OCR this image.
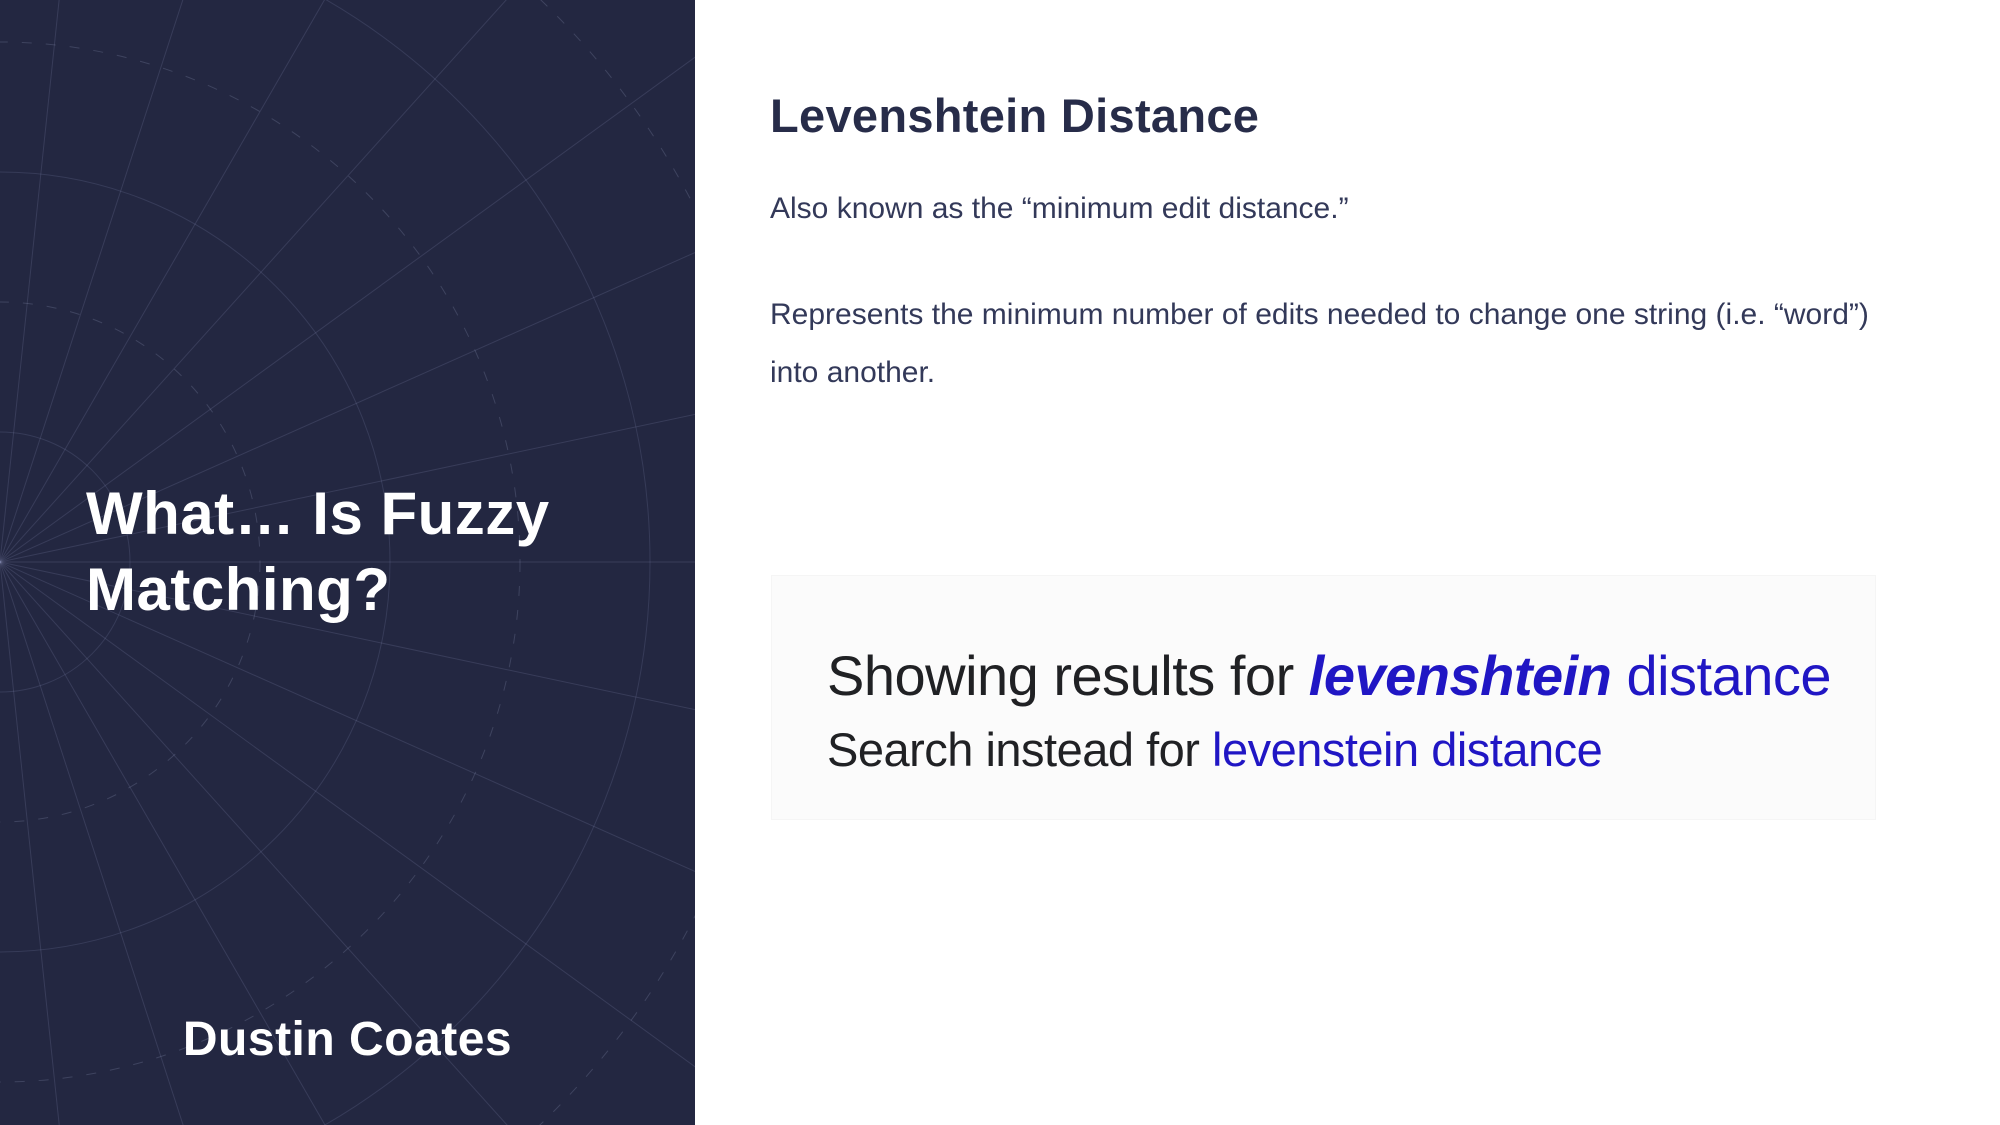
What… Is Fuzzy Matching?
Dustin Coates
Levenshtein Distance

Also known as the “minimum edit distance.”

Represents the minimum number of edits needed to change one string (i.e. “word”) into another.

Showing results for levenshtein distance
Search instead for levenstein distance
